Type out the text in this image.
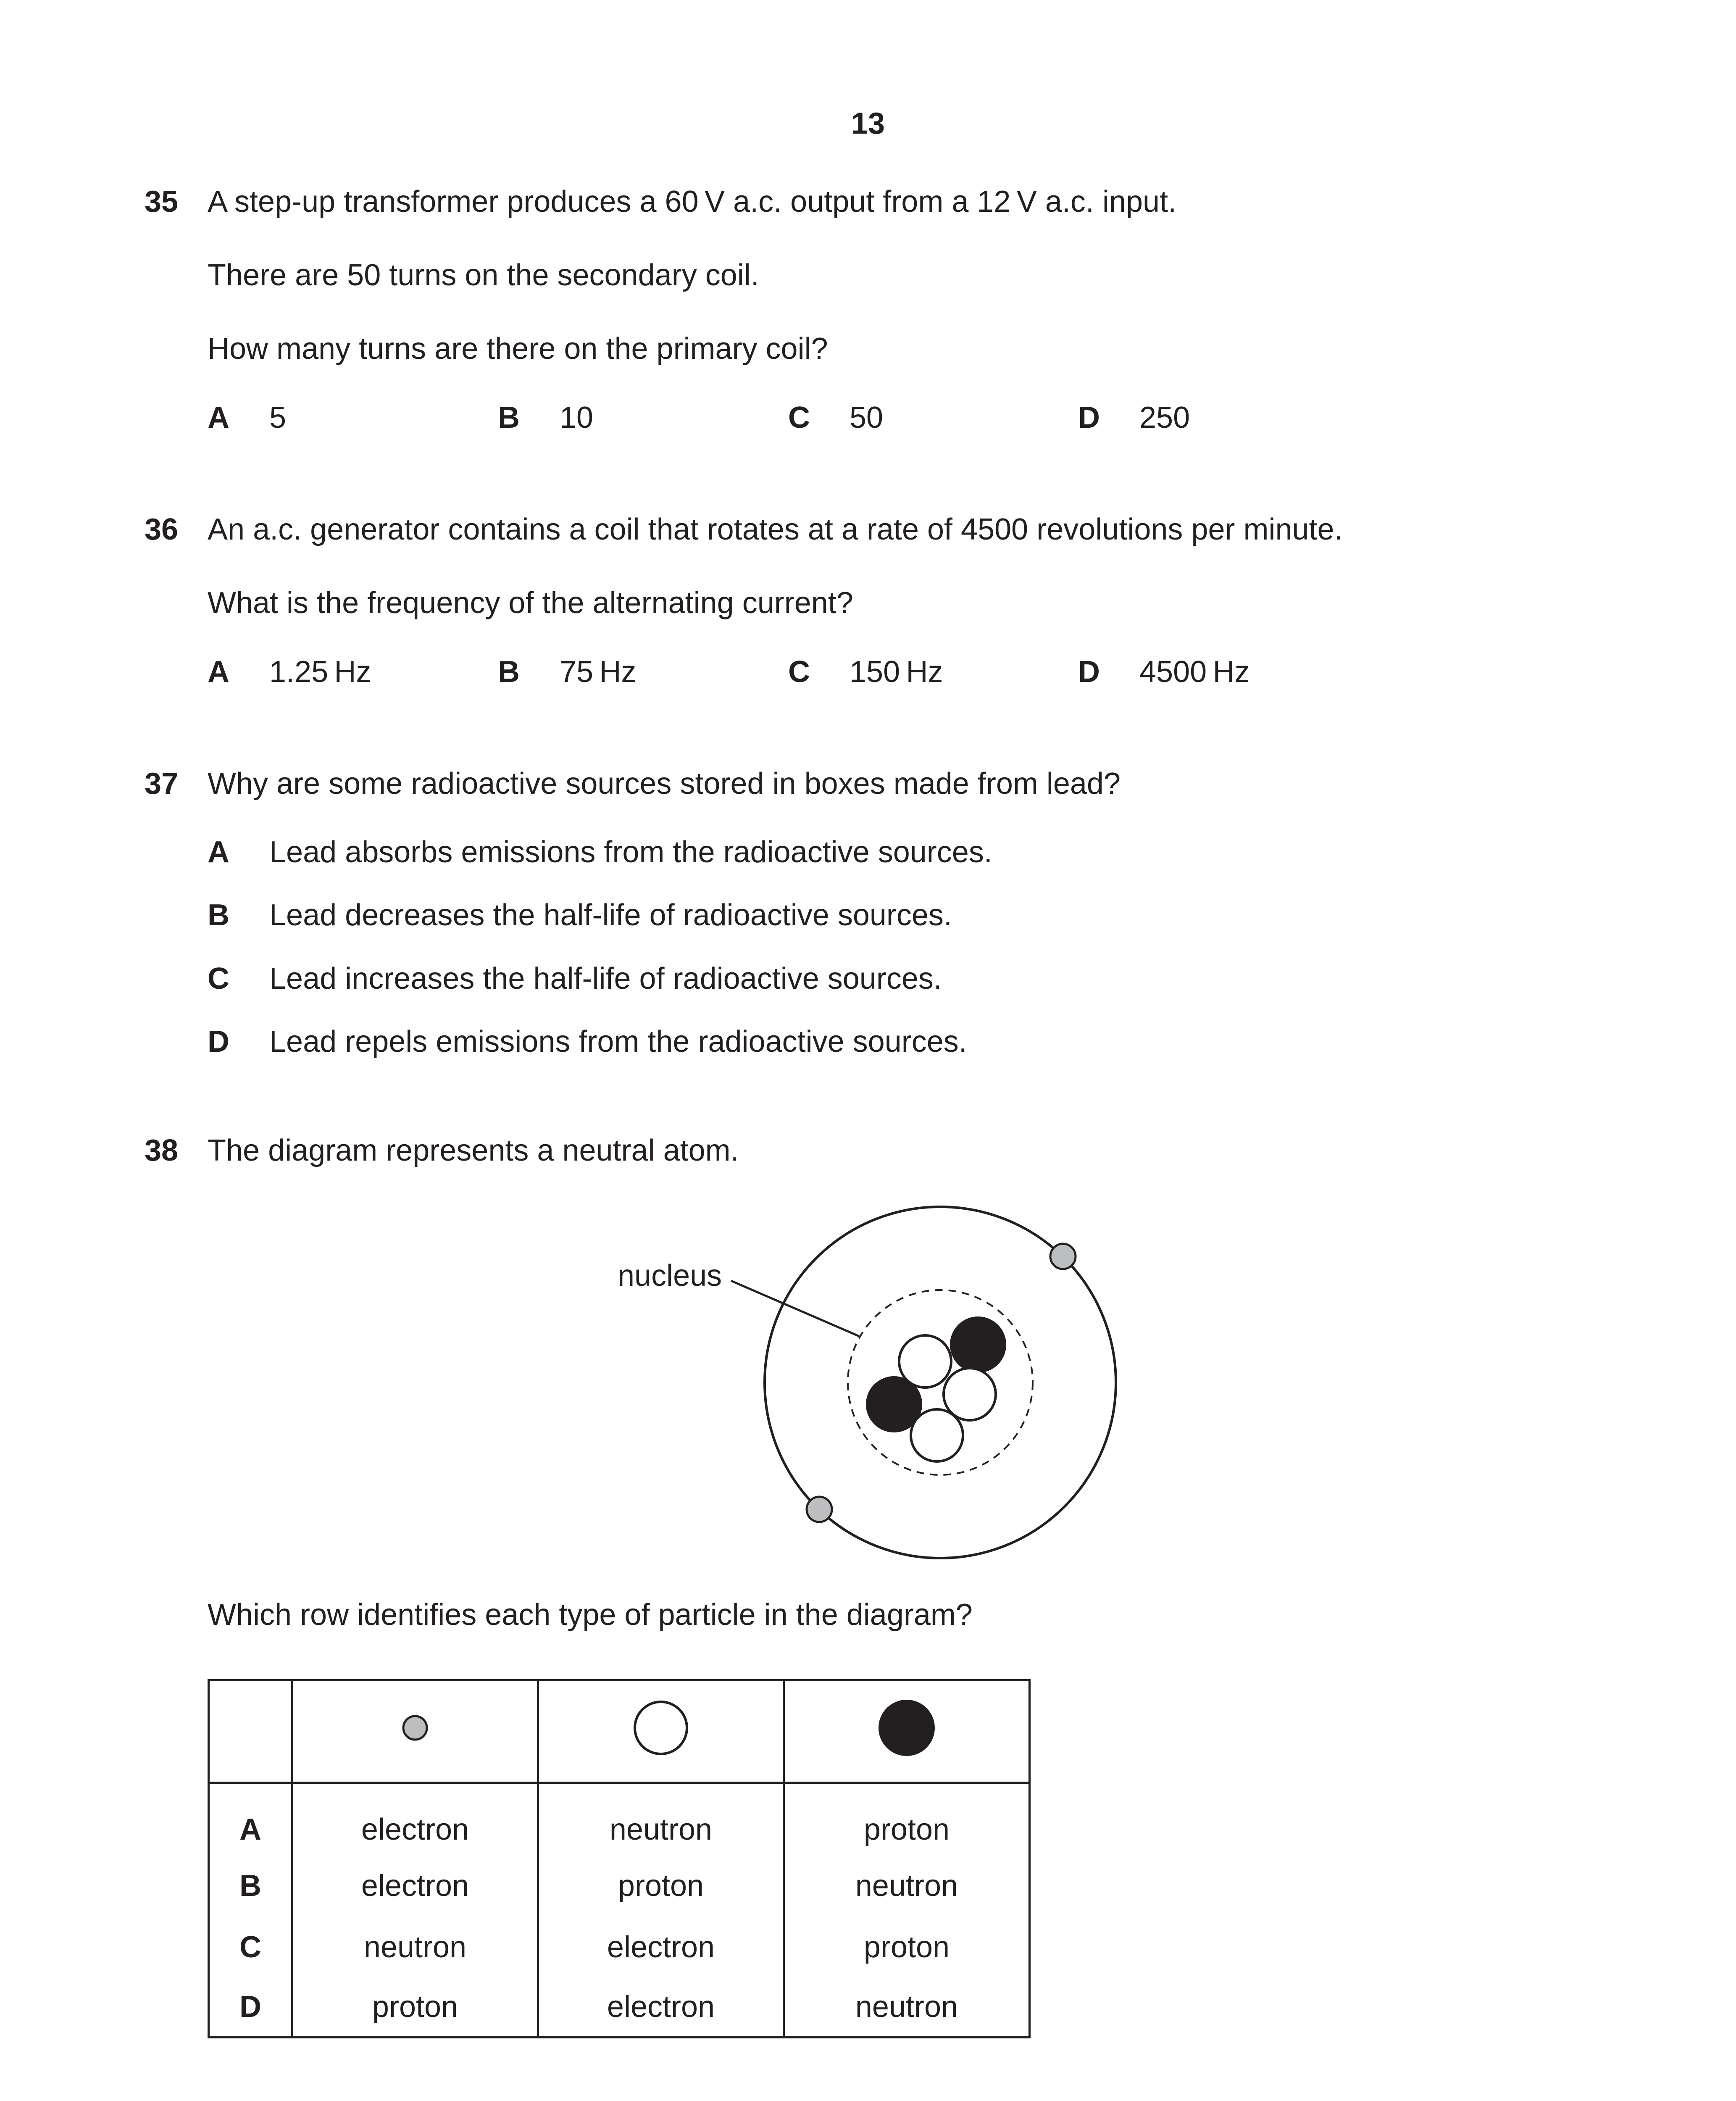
13
35 A step-up transformer produces a 60 V a.c. output from a 12 V a.c. input.
There are 50 turns on the secondary coil.
How many turns are there on the primary coil?
A 5	B 10	C 50	D 250
36 An a.c. generator contains a coil that rotates at a rate of 4500 revolutions per minute.
What is the frequency of the alternating current?
A 1.25 Hz	B 75 Hz	C 150 Hz	D 4500 Hz
37 Why are some radioactive sources stored in boxes made from lead?
A Lead absorbs emissions from the radioactive sources.
B Lead decreases the half-life of radioactive sources.
C Lead increases the half-life of radioactive sources.
D Lead repels emissions from the radioactive sources.
38 The diagram represents a neutral atom.
nucleus
Which row identifies each type of particle in the diagram?

A	electron	neutron	proton
B	electron	proton	neutron
C	neutron	electron	proton
D	proton	electron	neutron
